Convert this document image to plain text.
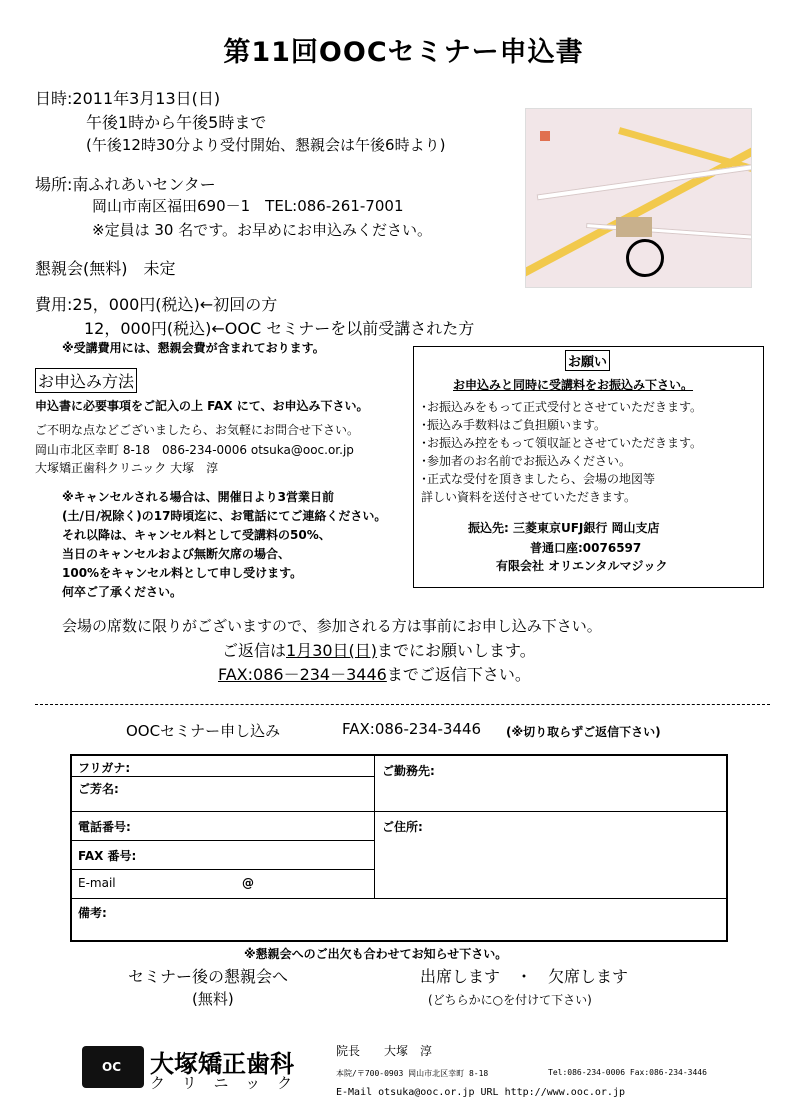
第11回OOCセミナー申込書
日時:2011年3月13日(日)
午後1時から午後5時まで
(午後12時30分より受付開始、懇親会は午後6時より)
場所:南ふれあいセンター
岡山市南区福田690－1　TEL:086-261-7001
※定員は 30 名です。お早めにお申込みください。
懇親会(無料)　未定
費用:25，000円(税込)←初回の方
12，000円(税込)←OOC セミナーを以前受講された方
※受講費用には、懇親会費が含まれております。
お申込み方法
申込書に必要事項をご記入の上 FAX にて、お申込み下さい。
ご不明な点などございましたら、お気軽にお問合せ下さい。
岡山市北区幸町 8-18　086-234-0006 otsuka@ooc.or.jp
大塚矯正歯科クリニック 大塚　淳
※キャンセルされる場合は、開催日より3営業日前
(土/日/祝除く)の17時頃迄に、お電話にてご連絡ください。
それ以降は、キャンセル料として受講料の50%、
当日のキャンセルおよび無断欠席の場合、
100%をキャンセル料として申し受けます。
何卒ご了承ください。
お願い
お申込みと同時に受講料をお振込み下さい。
･お振込みをもって正式受付とさせていただきます。
･振込み手数料はご負担願います。
･お振込み控をもって領収証とさせていただきます。
･参加者のお名前でお振込みください。
･正式な受付を頂きましたら、会場の地図等
詳しい資料を送付させていただきます。
振込先: 三菱東京UFJ銀行 岡山支店
普通口座:0076597
有限会社 オリエンタルマジック
会場の席数に限りがございますので、参加される方は事前にお申し込み下さい。
ご返信は1月30日(日)までにお願いします。
FAX:086－234－3446までご返信下さい。
OOCセミナー申し込み	FAX:086-234-3446 (※切り取らずご返信下さい)
フリガナ:
ご芳名:
ご勤務先:
電話番号:	ご住所:
FAX 番号:
E-mail	@
備考:
※懇親会へのご出欠も合わせてお知らせ下さい。
セミナー後の懇親会へ
(無料)
出席します　・　欠席します
(どちらかに○を付けて下さい)
OC 大塚矯正歯科
ク リ ニ ッ ク
院長　　大塚　淳
本院/〒700-0903 岡山市北区幸町 8-18	Tel:086-234-0006 Fax:086-234-3446
E-Mail otsuka@ooc.or.jp URL http://www.ooc.or.jp
